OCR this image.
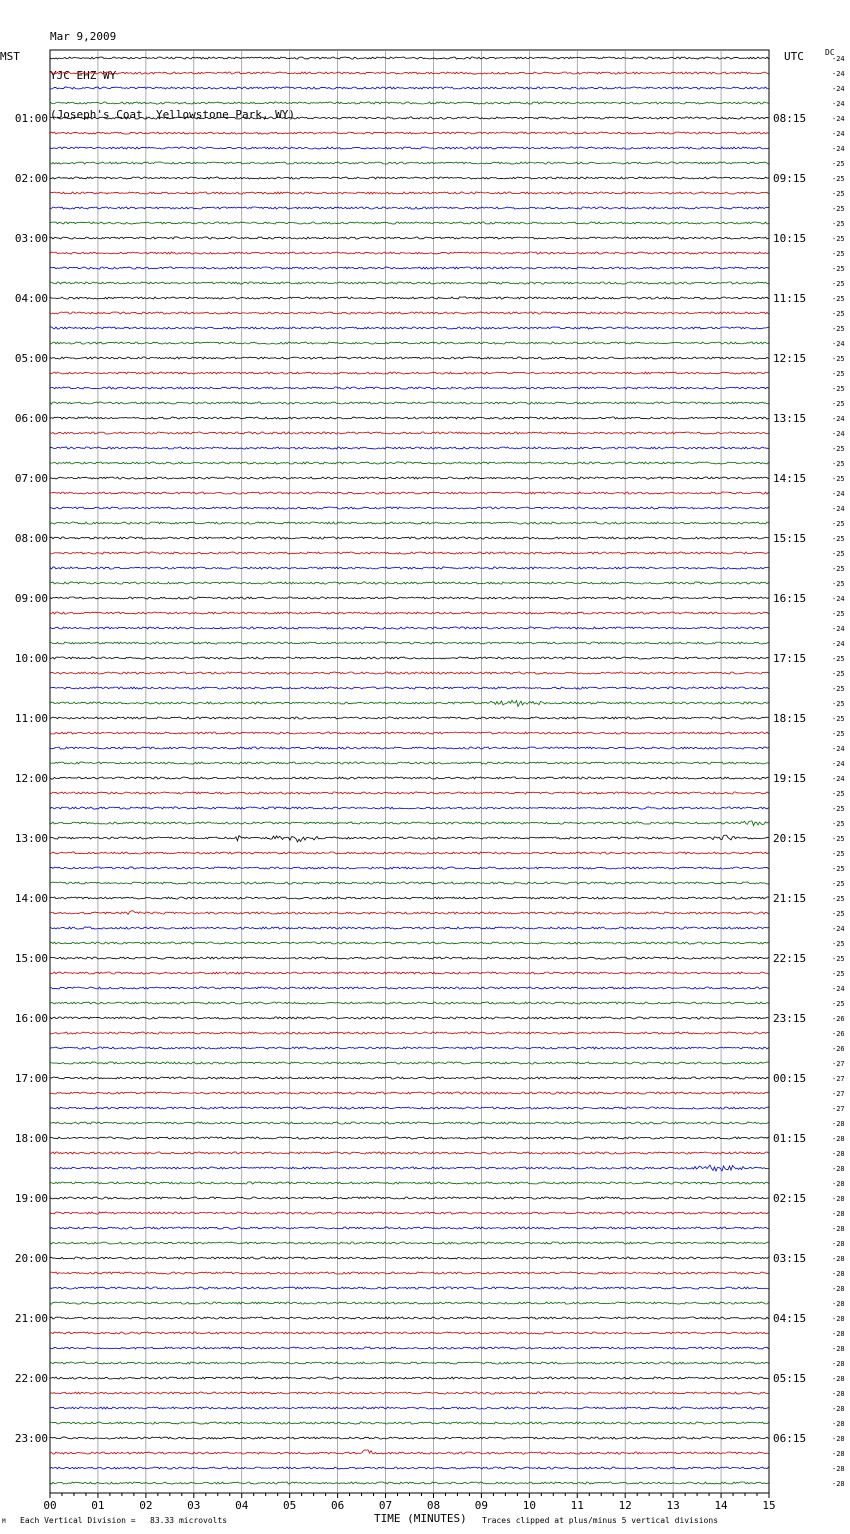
Mar 9,2009

YJC EHZ WY

(Joseph's Coat, Yellowstone Park, WY)

MST	UTC	DC
00	01	02	03	04	05	06	07	08	09	10	11	12	13	14	15
-24
-24
-24
-24
-24
-24
-24
-25
-25
-25
-25
-25
-25
-25
-25
-25
-25
-25
-25
-24
-25
-25
-25
-25
-24
-24
-25
-25
-25
-24
-24
-25
-25
-25
-25
-25
-24
-25
-24
-24
-25
-25
-25
-25
-25
-25
-24
-24
-24
-25
-25
-25
-25
-25
-25
-25
-25
-25
-24
-25
-25
-25
-24
-25
-26
-26
-26
-27
-27
-27
-27
-28
-28
-28
-28
-28
-28
-28
-28
-28
-28
-28
-28
-28
-28
-28
-28
-28
-28
-28
-28
-28
-28
-28
-28
-28
01:00
02:00
03:00
04:00
05:00
06:00
07:00
08:00
09:00
10:00
11:00
12:00
13:00
14:00
15:00
16:00
17:00
18:00
19:00
20:00
21:00
22:00
23:00
08:15
09:15
10:15
11:15
12:15
13:15
14:15
15:15
16:15
17:15
18:15
19:15
20:15
21:15
22:15
23:15
00:15
01:15
02:15
03:15
04:15
05:15
06:15
TIME (MINUTES)
Each Vertical Division =   83.33 microvolts	Traces clipped at plus/minus 5 vertical divisions
M
